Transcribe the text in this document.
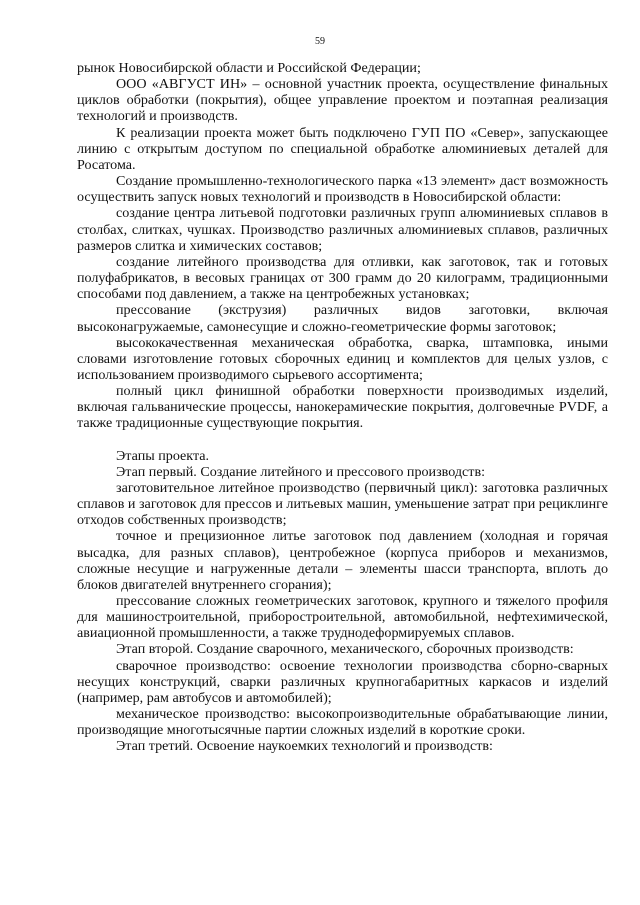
59

рынок Новосибирской области и Российской Федерации;

ООО «АВГУСТ ИН» – основной участник проекта, осуществление финальных циклов обработки (покрытия), общее управление проектом и поэтапная реализация технологий и производств.

К реализации проекта может быть подключено ГУП ПО «Север», запускающее линию с открытым доступом по специальной обработке алюминиевых деталей для Росатома.

Создание промышленно-технологического парка «13 элемент» даст возможность осуществить запуск новых технологий и производств в Новосибирской области:

создание центра литьевой подготовки различных групп алюминиевых сплавов в столбах, слитках, чушках. Производство различных алюминиевых сплавов, различных размеров слитка и химических составов;

создание литейного производства для отливки, как заготовок, так и готовых полуфабрикатов, в весовых границах от 300 грамм до 20 килограмм, традиционными способами под давлением, а также на центробежных установках;

прессование (экструзия) различных видов заготовки, включая высоконагружаемые, самонесущие и сложно-геометрические формы заготовок;

высококачественная механическая обработка, сварка, штамповка, иными словами изготовление готовых сборочных единиц и комплектов для целых узлов, с использованием производимого сырьевого ассортимента;

полный цикл финишной обработки поверхности производимых изделий, включая гальванические процессы, нанокерамические покрытия, долговечные PVDF, а также традиционные существующие покрытия.

Этапы проекта.

Этап первый. Создание литейного и прессового производств:

заготовительное литейное производство (первичный цикл): заготовка различных сплавов и заготовок для прессов и литьевых машин, уменьшение затрат при рециклинге отходов собственных производств;

точное и прецизионное литье заготовок под давлением (холодная и горячая высадка, для разных сплавов), центробежное (корпуса приборов и механизмов, сложные несущие и нагруженные детали – элементы шасси транспорта, вплоть до блоков двигателей внутреннего сгорания);

прессование сложных геометрических заготовок, крупного и тяжелого профиля для машиностроительной, приборостроительной, автомобильной, нефтехимической, авиационной промышленности, а также труднодеформируемых сплавов.

Этап второй. Создание сварочного, механического, сборочных производств:

сварочное производство: освоение технологии производства сборно-сварных несущих конструкций, сварки различных крупногабаритных каркасов и изделий (например, рам автобусов и автомобилей);

механическое производство: высокопроизводительные обрабатывающие линии, производящие многотысячные партии сложных изделий в короткие сроки.

Этап третий. Освоение наукоемких технологий и производств:
